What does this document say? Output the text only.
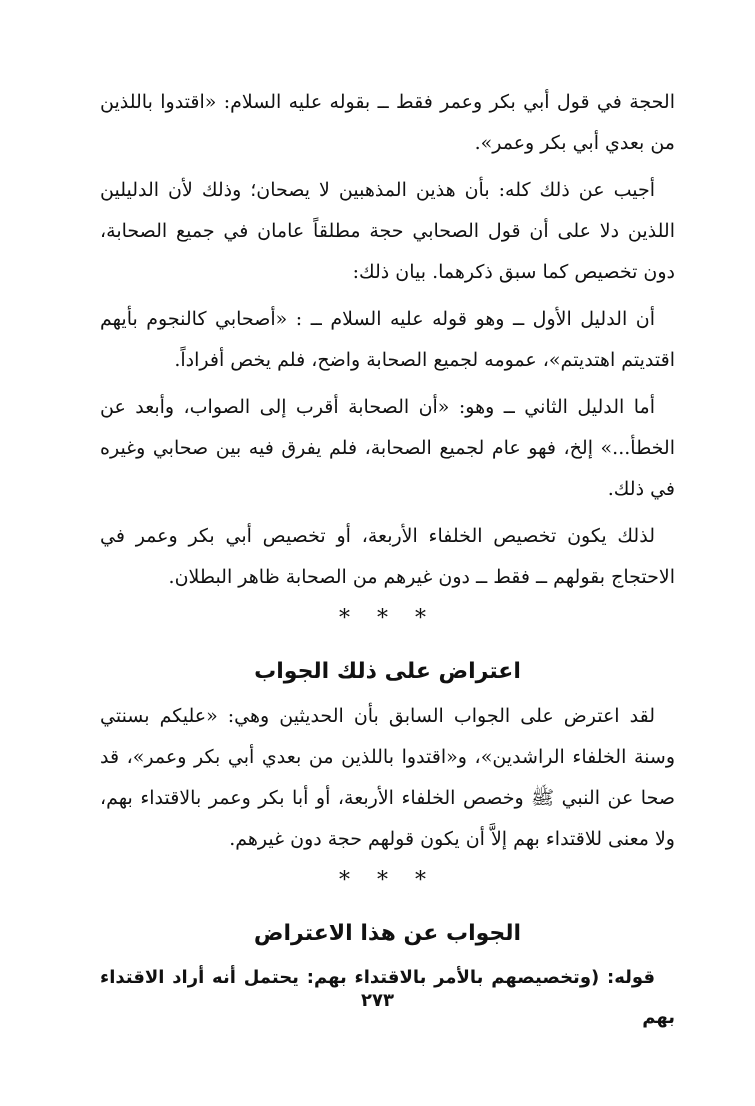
الحجة في قول أبي بكر وعمر فقط ــ بقوله عليه السلام: «اقتدوا باللذين من بعدي أبي بكر وعمر».

أجيب عن ذلك كله: بأن هذين المذهبين لا يصحان؛ وذلك لأن الدليلين اللذين دلا على أن قول الصحابي حجة مطلقاً عامان في جميع الصحابة، دون تخصيص كما سبق ذكرهما. بيان ذلك:

أن الدليل الأول ــ وهو قوله عليه السلام ــ : «أصحابي كالنجوم بأيهم اقتديتم اهتديتم»، عمومه لجميع الصحابة واضح، فلم يخص أفراداً.

أما الدليل الثاني ــ وهو: «أن الصحابة أقرب إلى الصواب، وأبعد عن الخطأ...» إلخ، فهو عام لجميع الصحابة، فلم يفرق فيه بين صحابي وغيره في ذلك.

لذلك يكون تخصيص الخلفاء الأربعة، أو تخصيص أبي بكر وعمر في الاحتجاج بقولهم ــ فقط ــ دون غيرهم من الصحابة ظاهر البطلان.

* * *
اعتراض على ذلك الجواب

لقد اعترض على الجواب السابق بأن الحديثين وهي: «عليكم بسنتي وسنة الخلفاء الراشدين»، و«اقتدوا باللذين من بعدي أبي بكر وعمر»، قد صحا عن النبي ﷺ وخصص الخلفاء الأربعة، أو أبا بكر وعمر بالاقتداء بهم، ولا معنى للاقتداء بهم إلاَّ أن يكون قولهم حجة دون غيرهم.

* * *
الجواب عن هذا الاعتراض

قوله: (وتخصيصهم بالأمر بالاقتداء بهم: يحتمل أنه أراد الاقتداء بهم

٢٧٣
